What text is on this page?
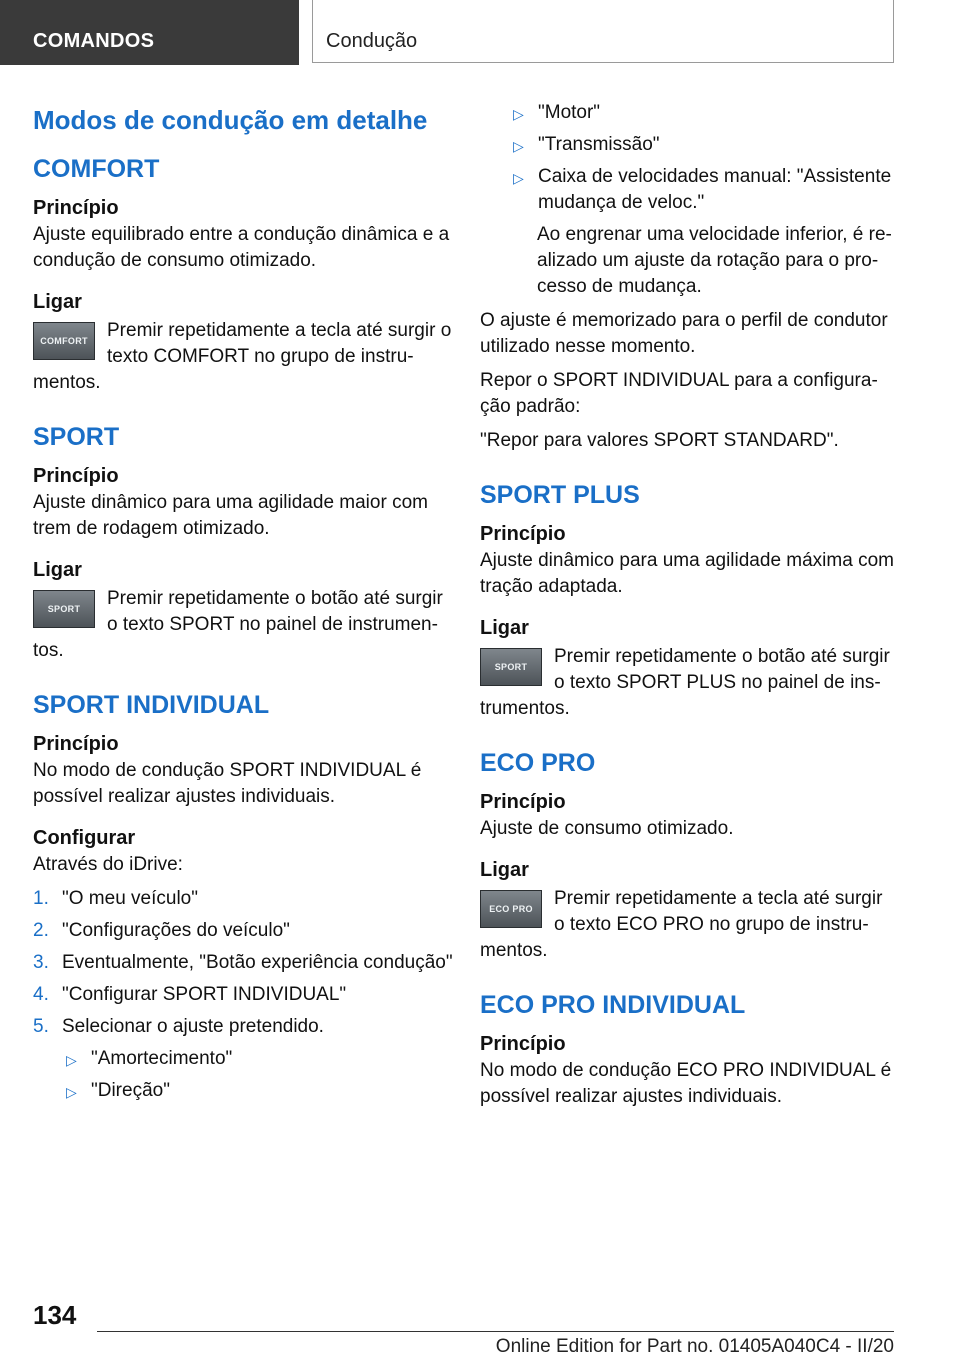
COMANDOS	Condução
Modos de condução em detalhe
COMFORT
Princípio
Ajuste equilibrado entre a condução dinâmica e a condução de consumo otimizado.
Ligar
COMFORT	Premir repetidamente a tecla até surgir o texto COMFORT no grupo de instrumentos.
SPORT
Princípio
Ajuste dinâmico para uma agilidade maior com trem de rodagem otimizado.
Ligar
SPORT	Premir repetidamente o botão até surgir o texto SPORT no painel de instrumentos.
SPORT INDIVIDUAL
Princípio
No modo de condução SPORT INDIVIDUAL é possível realizar ajustes individuais.
Configurar
Através do iDrive:
1. "O meu veículo"
2. "Configurações do veículo"
3. Eventualmente, "Botão experiência condução"
4. "Configurar SPORT INDIVIDUAL"
5. Selecionar o ajuste pretendido.
▷ "Amortecimento"
▷ "Direção"
▷ "Motor"
▷ "Transmissão"
▷ Caixa de velocidades manual: "Assistente mudança de veloc."
Ao engrenar uma velocidade inferior, é realizado um ajuste da rotação para o processo de mudança.
O ajuste é memorizado para o perfil de condutor utilizado nesse momento.
Repor o SPORT INDIVIDUAL para a configuração padrão:
"Repor para valores SPORT STANDARD".
SPORT PLUS
Princípio
Ajuste dinâmico para uma agilidade máxima com tração adaptada.
Ligar
SPORT	Premir repetidamente o botão até surgir o texto SPORT PLUS no painel de instrumentos.
ECO PRO
Princípio
Ajuste de consumo otimizado.
Ligar
ECO PRO	Premir repetidamente a tecla até surgir o texto ECO PRO no grupo de instrumentos.
ECO PRO INDIVIDUAL
Princípio
No modo de condução ECO PRO INDIVIDUAL é possível realizar ajustes individuais.
134
Online Edition for Part no. 01405A040C4 - II/20
